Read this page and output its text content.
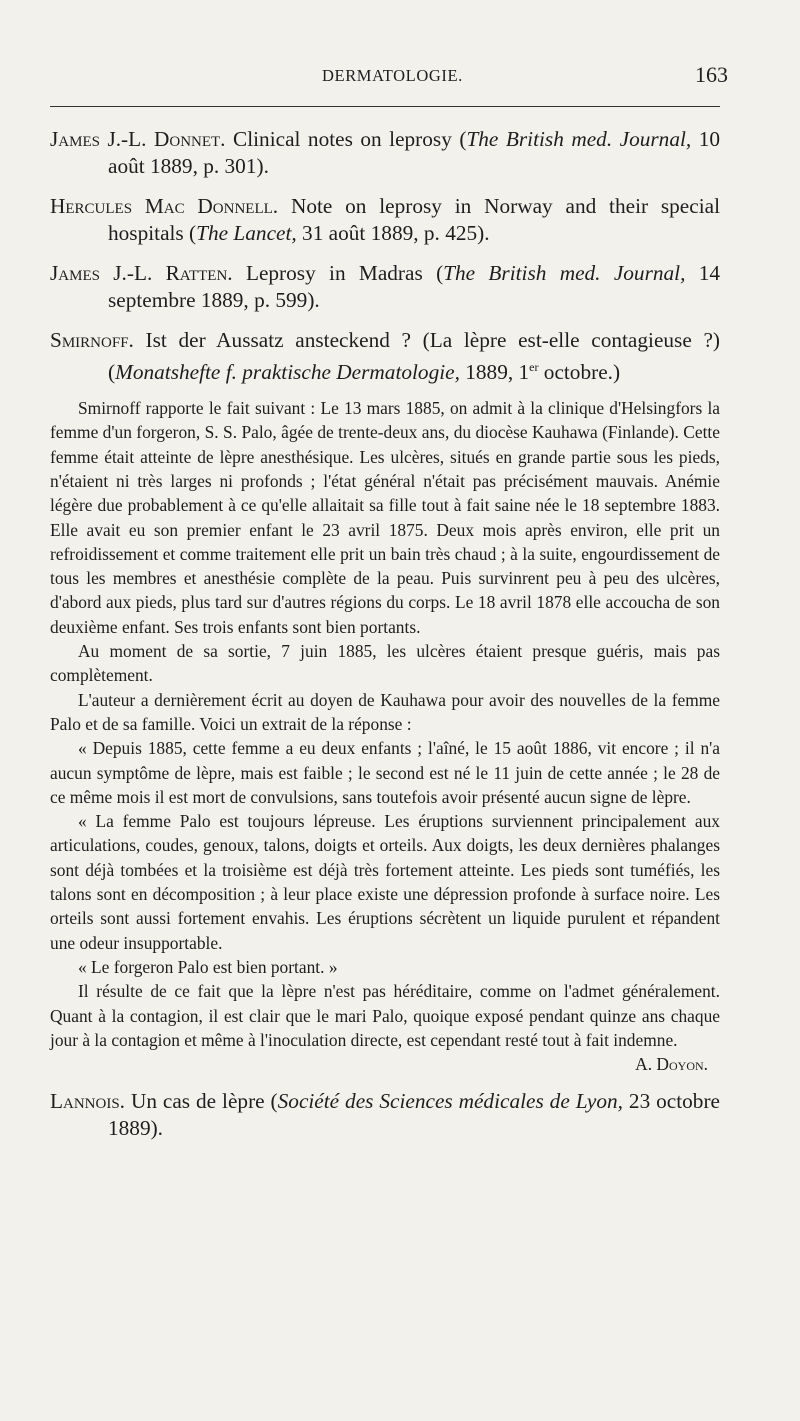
DERMATOLOGIE.	163

James J.-L. Donnet. Clinical notes on leprosy (The British med. Journal, 10 août 1889, p. 301).

Hercules Mac Donnell. Note on leprosy in Norway and their special hospitals (The Lancet, 31 août 1889, p. 425).

James J.-L. Ratten. Leprosy in Madras (The British med. Journal, 14 septembre 1889, p. 599).

Smirnoff. Ist der Aussatz ansteckend ? (La lèpre est-elle contagieuse ?) (Monatshefte f. praktische Dermatologie, 1889, 1er octobre.)

Smirnoff rapporte le fait suivant : Le 13 mars 1885, on admit à la clinique d'Helsingfors la femme d'un forgeron, S. S. Palo, âgée de trente-deux ans, du diocèse Kauhawa (Finlande). Cette femme était atteinte de lèpre anesthésique. Les ulcères, situés en grande partie sous les pieds, n'étaient ni très larges ni profonds ; l'état général n'était pas précisément mauvais. Anémie légère due probablement à ce qu'elle allaitait sa fille tout à fait saine née le 18 septembre 1883. Elle avait eu son premier enfant le 23 avril 1875. Deux mois après environ, elle prit un refroidissement et comme traitement elle prit un bain très chaud ; à la suite, engourdissement de tous les membres et anesthésie complète de la peau. Puis survinrent peu à peu des ulcères, d'abord aux pieds, plus tard sur d'autres régions du corps. Le 18 avril 1878 elle accoucha de son deuxième enfant. Ses trois enfants sont bien portants.

Au moment de sa sortie, 7 juin 1885, les ulcères étaient presque guéris, mais pas complètement.

L'auteur a dernièrement écrit au doyen de Kauhawa pour avoir des nouvelles de la femme Palo et de sa famille. Voici un extrait de la réponse :

« Depuis 1885, cette femme a eu deux enfants ; l'aîné, le 15 août 1886, vit encore ; il n'a aucun symptôme de lèpre, mais est faible ; le second est né le 11 juin de cette année ; le 28 de ce même mois il est mort de convulsions, sans toutefois avoir présenté aucun signe de lèpre.

« La femme Palo est toujours lépreuse. Les éruptions surviennent principalement aux articulations, coudes, genoux, talons, doigts et orteils. Aux doigts, les deux dernières phalanges sont déjà tombées et la troisième est déjà très fortement atteinte. Les pieds sont tuméfiés, les talons sont en décomposition ; à leur place existe une dépression profonde à surface noire. Les orteils sont aussi fortement envahis. Les éruptions sécrètent un liquide purulent et répandent une odeur insupportable.

« Le forgeron Palo est bien portant. »

Il résulte de ce fait que la lèpre n'est pas héréditaire, comme on l'admet généralement. Quant à la contagion, il est clair que le mari Palo, quoique exposé pendant quinze ans chaque jour à la contagion et même à l'inoculation directe, est cependant resté tout à fait indemne.

A. Doyon.

Lannois. Un cas de lèpre (Société des Sciences médicales de Lyon, 23 octobre 1889).
